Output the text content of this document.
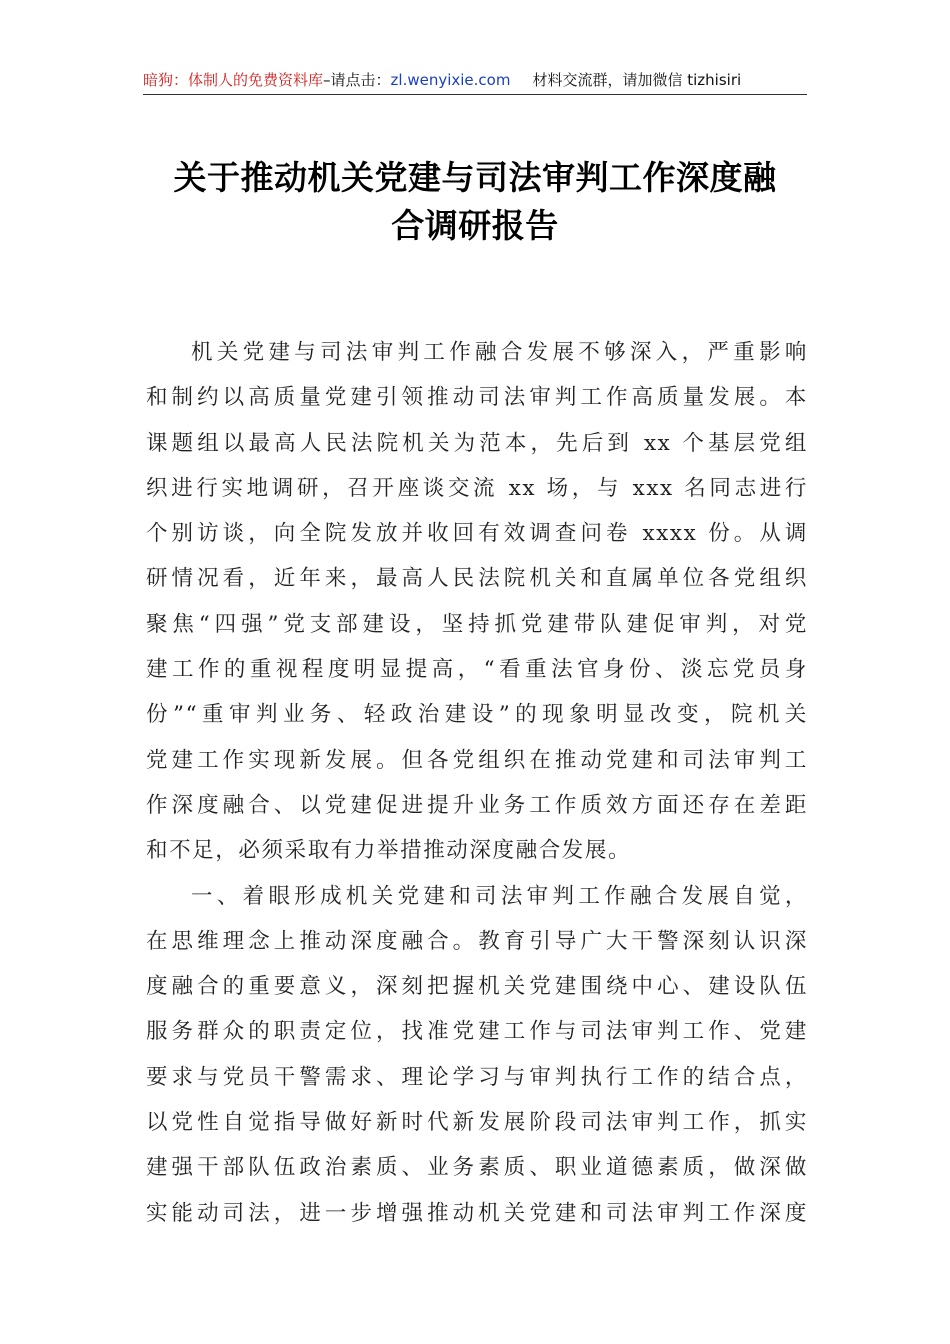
暗狗：体制人的免费资料库–请点击：zl.wenyixie.com 材料交流群，请加微信 tizhisiri
关于推动机关党建与司法审判工作深度融
合调研报告
机关党建与司法审判工作融合发展不够深入，严重影响
和制约以高质量党建引领推动司法审判工作高质量发展。本
课题组以最高人民法院机关为范本，先后到 xx 个基层党组
织进行实地调研，召开座谈交流 xx 场，与 xxx 名同志进行
个别访谈，向全院发放并收回有效调查问卷 xxxx 份。从调
研情况看，近年来，最高人民法院机关和直属单位各党组织
聚焦“四强”党支部建设，坚持抓党建带队建促审判，对党
建工作的重视程度明显提高，“看重法官身份、淡忘党员身
份”“重审判业务、轻政治建设”的现象明显改变，院机关
党建工作实现新发展。但各党组织在推动党建和司法审判工
作深度融合、以党建促进提升业务工作质效方面还存在差距
和不足，必须采取有力举措推动深度融合发展。
一、着眼形成机关党建和司法审判工作融合发展自觉，
在思维理念上推动深度融合。教育引导广大干警深刻认识深
度融合的重要意义，深刻把握机关党建围绕中心、建设队伍
服务群众的职责定位，找准党建工作与司法审判工作、党建
要求与党员干警需求、理论学习与审判执行工作的结合点，
以党性自觉指导做好新时代新发展阶段司法审判工作，抓实
建强干部队伍政治素质、业务素质、职业道德素质，做深做
实能动司法，进一步增强推动机关党建和司法审判工作深度
